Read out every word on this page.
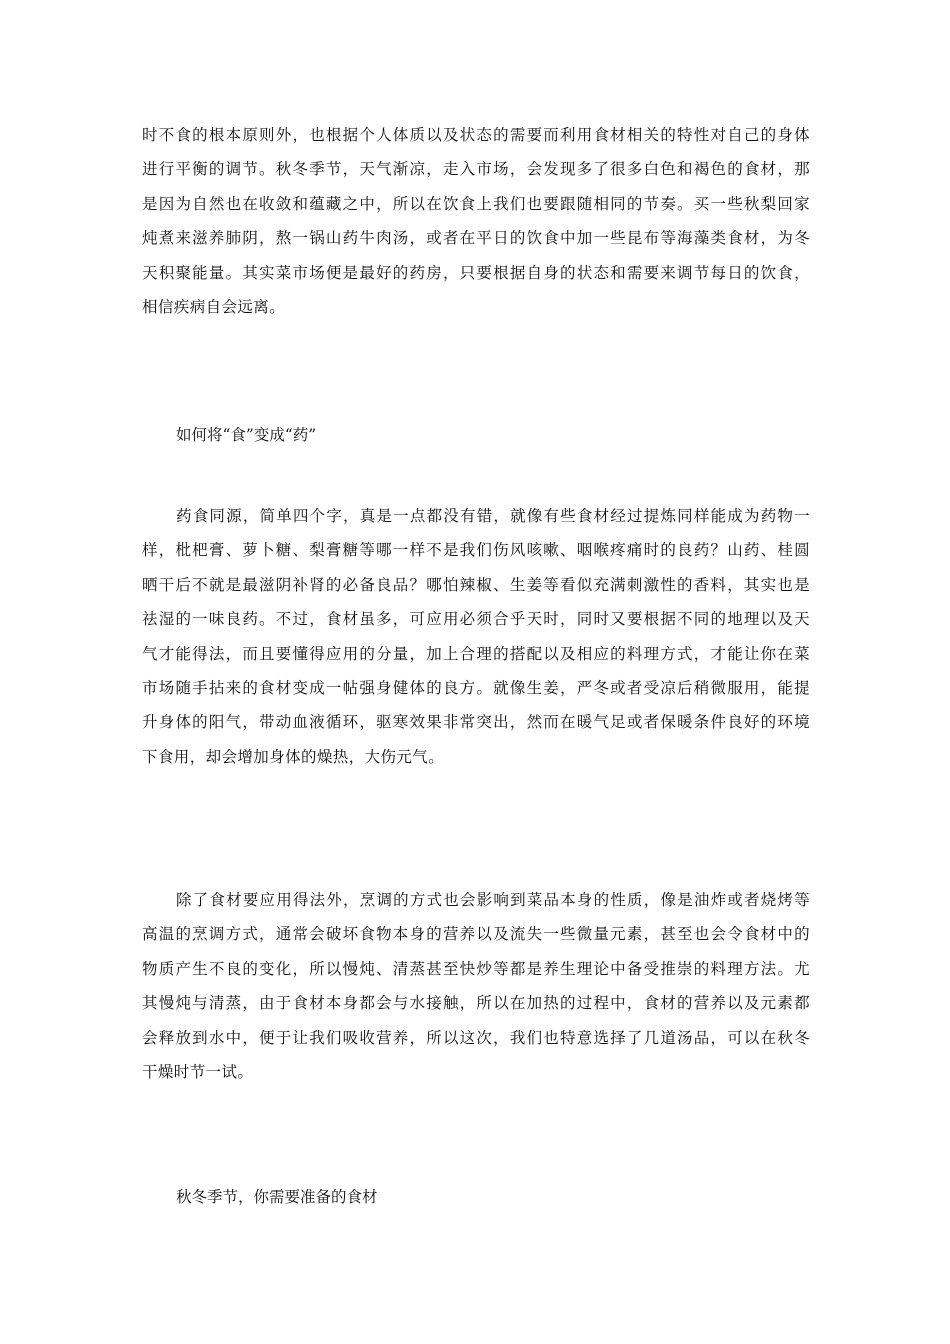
时不食的根本原则外，也根据个人体质以及状态的需要而利用食材相关的特性对自己的身体
进行平衡的调节。秋冬季节，天气渐凉，走入市场，会发现多了很多白色和褐色的食材，那
是因为自然也在收敛和蕴藏之中，所以在饮食上我们也要跟随相同的节奏。买一些秋梨回家
炖煮来滋养肺阴，熬一锅山药牛肉汤，或者在平日的饮食中加一些昆布等海藻类食材，为冬
天积聚能量。其实菜市场便是最好的药房，只要根据自身的状态和需要来调节每日的饮食，
相信疾病自会远离。

如何将“食”变成“药”

药食同源，简单四个字，真是一点都没有错，就像有些食材经过提炼同样能成为药物一
样，枇杷膏、萝卜糖、梨膏糖等哪一样不是我们伤风咳嗽、咽喉疼痛时的良药？山药、桂圆
晒干后不就是最滋阴补肾的必备良品？哪怕辣椒、生姜等看似充满刺激性的香料，其实也是
祛湿的一味良药。不过，食材虽多，可应用必须合乎天时，同时又要根据不同的地理以及天
气才能得法，而且要懂得应用的分量，加上合理的搭配以及相应的料理方式，才能让你在菜
市场随手拈来的食材变成一帖强身健体的良方。就像生姜，严冬或者受凉后稍微服用，能提
升身体的阳气，带动血液循环，驱寒效果非常突出，然而在暖气足或者保暖条件良好的环境
下食用，却会增加身体的燥热，大伤元气。
除了食材要应用得法外，烹调的方式也会影响到菜品本身的性质，像是油炸或者烧烤等
高温的烹调方式，通常会破坏食物本身的营养以及流失一些微量元素，甚至也会令食材中的
物质产生不良的变化，所以慢炖、清蒸甚至快炒等都是养生理论中备受推崇的料理方法。尤
其慢炖与清蒸，由于食材本身都会与水接触，所以在加热的过程中，食材的营养以及元素都
会释放到水中，便于让我们吸收营养，所以这次，我们也特意选择了几道汤品，可以在秋冬
干燥时节一试。

秋冬季节，你需要准备的食材
